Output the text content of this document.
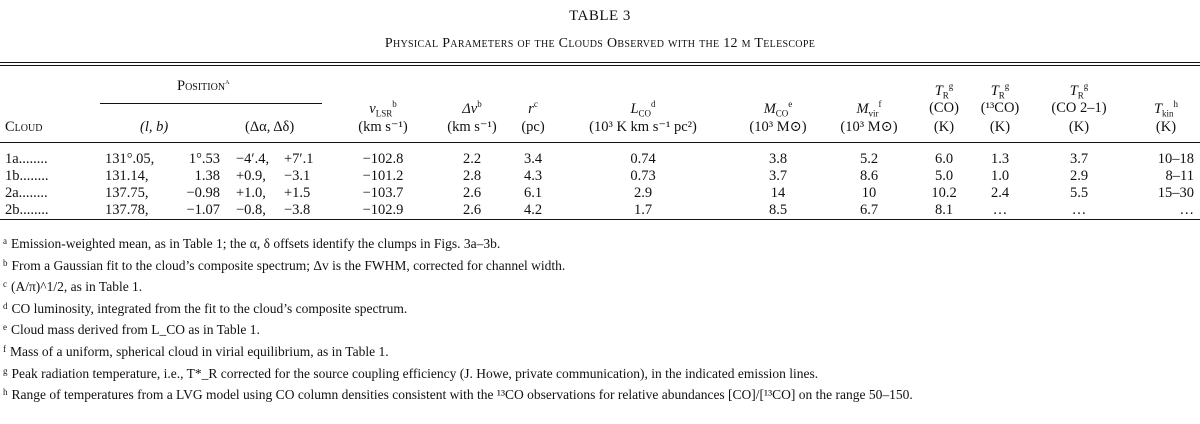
TABLE 3
Physical Parameters of the Clouds Observed with the 12 m Telescope
Position$^a$
Cloud	(l, b)	(Δα, Δδ)
$v_{LSR}^b$
(km s⁻¹)
$\Delta v^b$
(km s⁻¹)
$r^c$
(pc)
$L_{CO}^d$
(10³ K km s⁻¹ pc²)
$M_{CO}^e$
(10³ M⊙)
$M_{vir}^f$
(10³ M⊙)
$T_R^g$
(CO)
(K)
$T_R^g$
(¹³CO)
(K)
$T_R^g$
(CO 2–1)
(K)
$T_{kin}^h$
(K)
1a........	131°.05,	1°.53 −4′.4, +7′.1	−102.8	2.2	3.4	0.74	3.8	5.2	6.0	1.3	3.7	10–18
1b........	131.14,	1.38 +0.9, −3.1	−101.2	2.8	4.3	0.73	3.7	8.6	5.0	1.0	2.9	8–11
2a........	137.75,	−0.98 +1.0, +1.5	−103.7	2.6	6.1	2.9	14	10	10.2	2.4	5.5	15–30
2b........	137.78,	−1.07 −0.8, −3.8	−102.9	2.6	4.2	1.7	8.5	6.7	8.1	…	…	…

$^a$ Emission-weighted mean, as in Table 1; the α, δ offsets identify the clumps in Figs. 3a–3b.

$^b$ From a Gaussian fit to the cloud’s composite spectrum; Δv is the FWHM, corrected for channel width.

$^c$ (A/π)^1/2, as in Table 1.

$^d$ CO luminosity, integrated from the fit to the cloud’s composite spectrum.

$^e$ Cloud mass derived from L_CO as in Table 1.

$^f$ Mass of a uniform, spherical cloud in virial equilibrium, as in Table 1.

$^g$ Peak radiation temperature, i.e., T*_R corrected for the source coupling efficiency (J. Howe, private communication), in the indicated emission lines.

$^h$ Range of temperatures from a LVG model using CO column densities consistent with the ¹³CO observations for relative abundances [CO]/[¹³CO] on the range 50–150.
